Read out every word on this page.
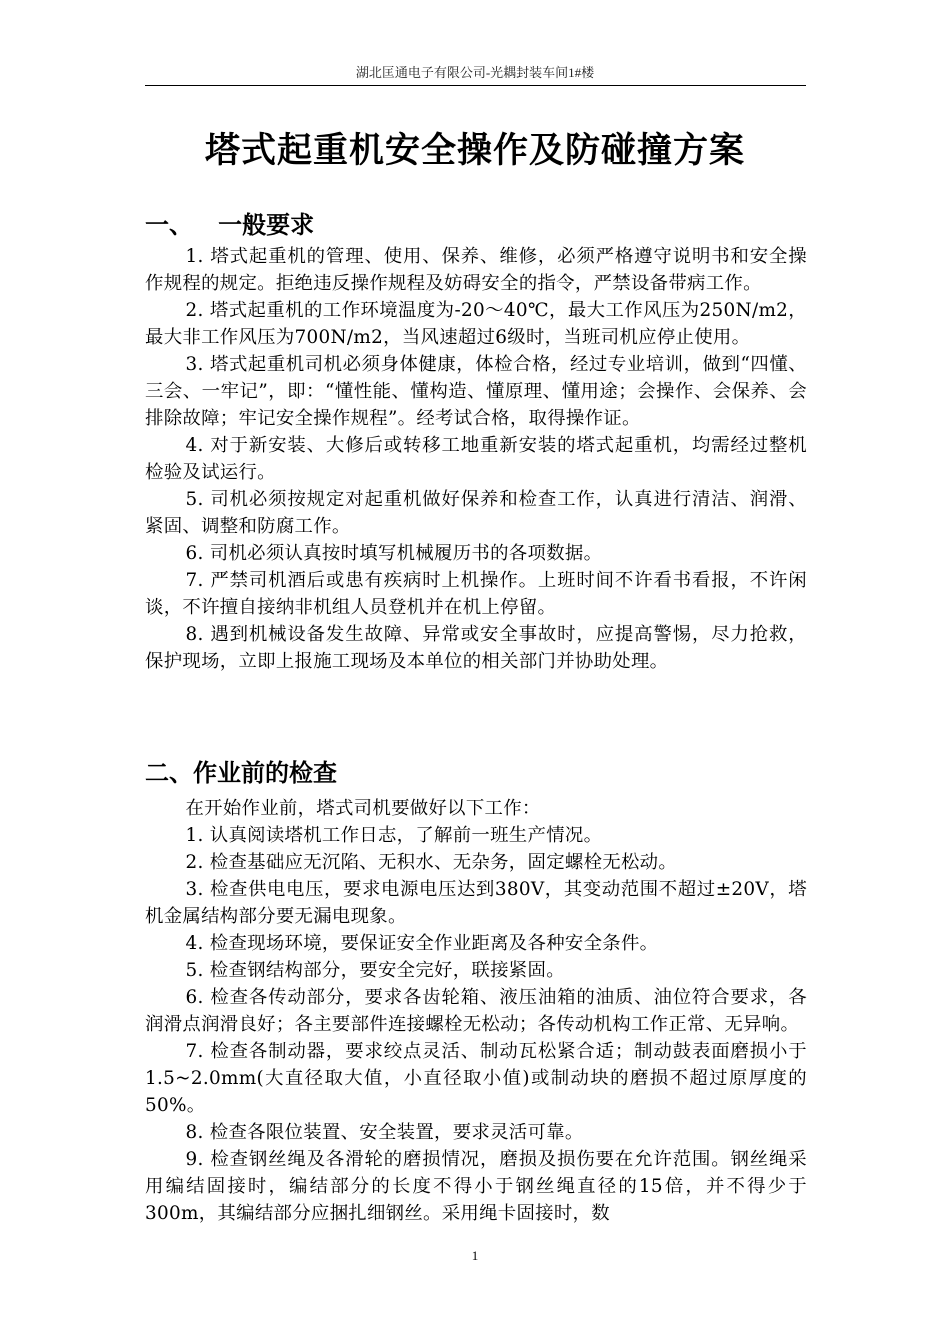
湖北匡通电子有限公司-光耦封装车间1#楼
塔式起重机安全操作及防碰撞方案
一、   一般要求

1. 塔式起重机的管理、使用、保养、维修，必须严格遵守说明书和安全操作规程的规定。拒绝违反操作规程及妨碍安全的指令，严禁设备带病工作。

2. 塔式起重机的工作环境温度为-20～40℃，最大工作风压为250N/m2，最大非工作风压为700N/m2，当风速超过6级时，当班司机应停止使用。

3. 塔式起重机司机必须身体健康，体检合格，经过专业培训，做到“四懂、三会、一牢记”，即：“懂性能、懂构造、懂原理、懂用途；会操作、会保养、会排除故障；牢记安全操作规程”。经考试合格，取得操作证。

4. 对于新安装、大修后或转移工地重新安装的塔式起重机，均需经过整机检验及试运行。

5. 司机必须按规定对起重机做好保养和检查工作，认真进行清洁、润滑、紧固、调整和防腐工作。

6. 司机必须认真按时填写机械履历书的各项数据。

7. 严禁司机酒后或患有疾病时上机操作。上班时间不许看书看报，不许闲谈，不许擅自接纳非机组人员登机并在机上停留。

8. 遇到机械设备发生故障、异常或安全事故时，应提高警惕，尽力抢救，保护现场，立即上报施工现场及本单位的相关部门并协助处理。

二、作业前的检查

在开始作业前，塔式司机要做好以下工作：

1. 认真阅读塔机工作日志，了解前一班生产情况。

2. 检查基础应无沉陷、无积水、无杂务，固定螺栓无松动。

3. 检查供电电压，要求电源电压达到380V，其变动范围不超过±20V，塔机金属结构部分要无漏电现象。

4. 检查现场环境，要保证安全作业距离及各种安全条件。

5. 检查钢结构部分，要安全完好，联接紧固。

6. 检查各传动部分，要求各齿轮箱、液压油箱的油质、油位符合要求，各润滑点润滑良好；各主要部件连接螺栓无松动；各传动机构工作正常、无异响。

7. 检查各制动器，要求绞点灵活、制动瓦松紧合适；制动鼓表面磨损小于1.5~2.0mm(大直径取大值，小直径取小值)或制动块的磨损不超过原厚度的50%。

8. 检查各限位装置、安全装置，要求灵活可靠。

9. 检查钢丝绳及各滑轮的磨损情况，磨损及损伤要在允许范围。钢丝绳采用编结固接时，编结部分的长度不得小于钢丝绳直径的15倍，并不得少于300m，其编结部分应捆扎细钢丝。采用绳卡固接时，数

1
